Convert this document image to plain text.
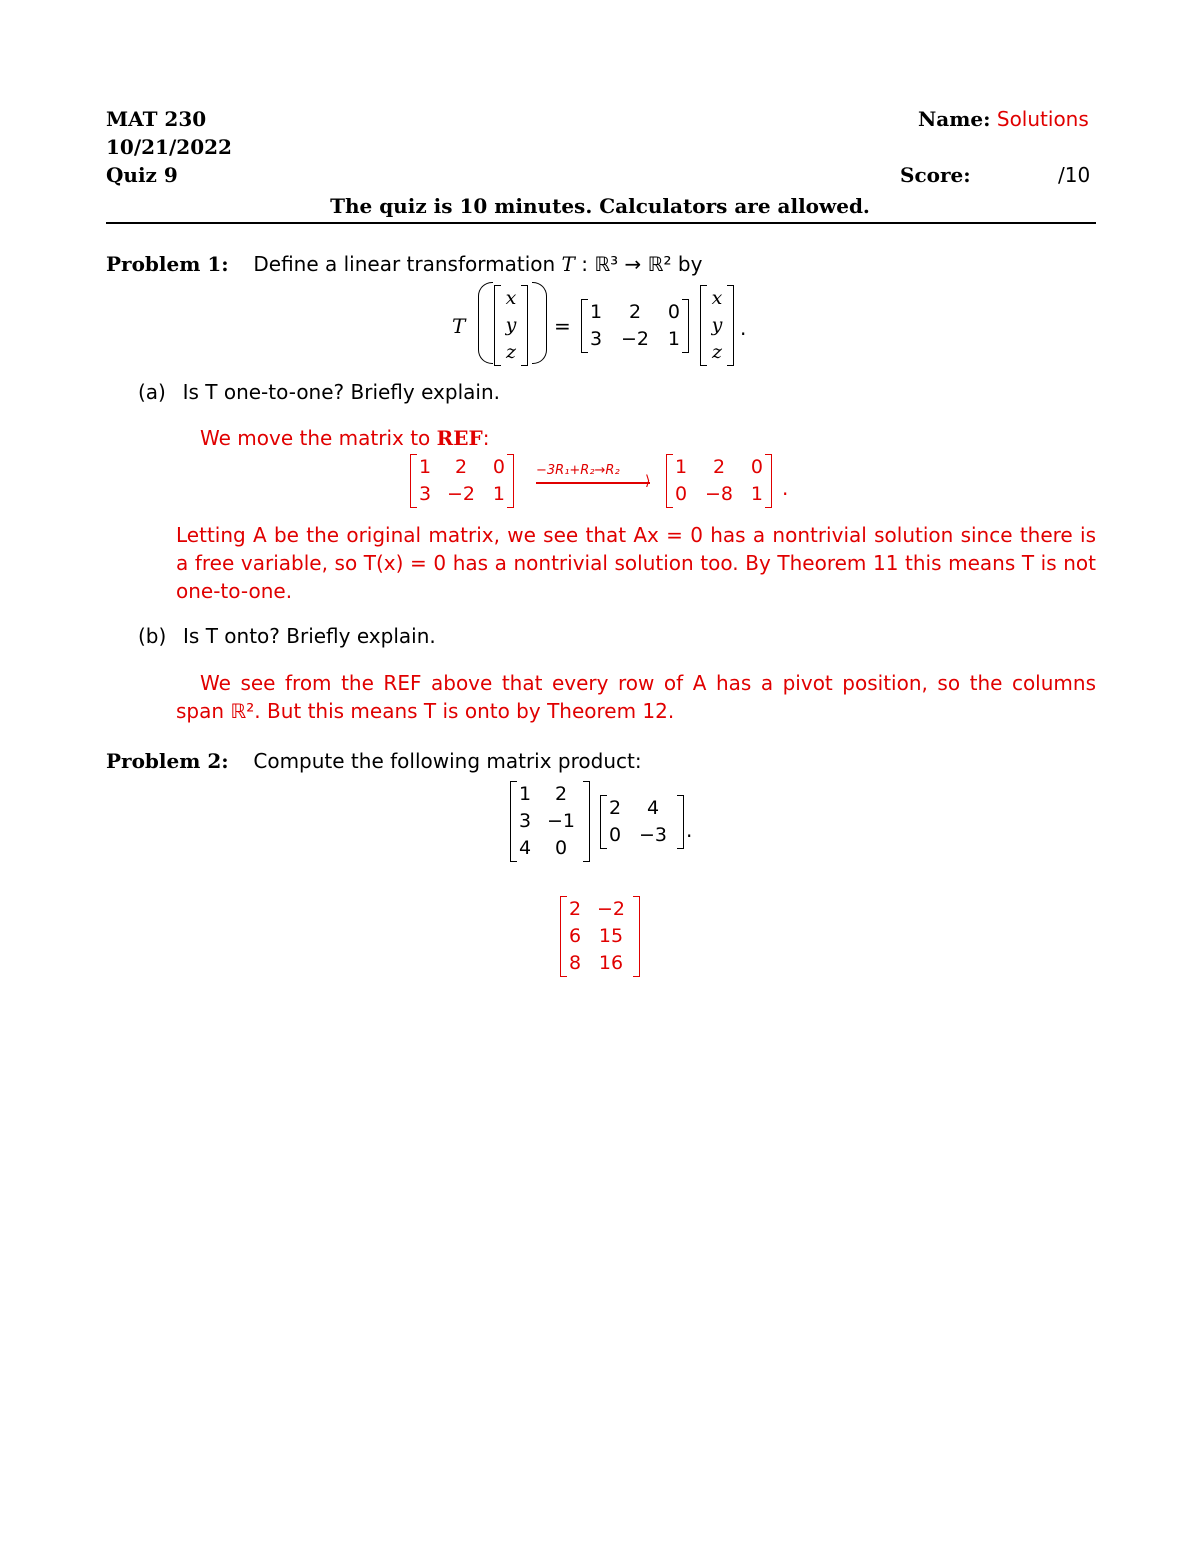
MAT 230
10/21/2022
Quiz 9
Name: Solutions
Score:	/10
The quiz is 10 minutes. Calculators are allowed.
Problem 1: Define a linear transformation T : ℝ³ → ℝ² by
T
x
y
z
=
1	2	0
3	−2	1
x
y
z
.
(a) Is T one-to-one? Briefly explain.
We move the matrix to REF:
1	2	0
3	−2	1
−3R₁+R₂→R₂
⟩
1	2	0
0	−8	1 .
Letting A be the original matrix, we see that Ax = 0 has a nontrivial solution since there is a free variable, so T(x) = 0 has a nontrivial solution too. By Theorem 11 this means T is not one-to-one.
(b) Is T onto? Briefly explain.
We see from the REF above that every row of A has a pivot position, so the columns span ℝ². But this means T is onto by Theorem 12.
Problem 2: Compute the following matrix product:
1	2
3	−1
4	0
2	4
0	−3 .
2	−2
6	15
8	16
